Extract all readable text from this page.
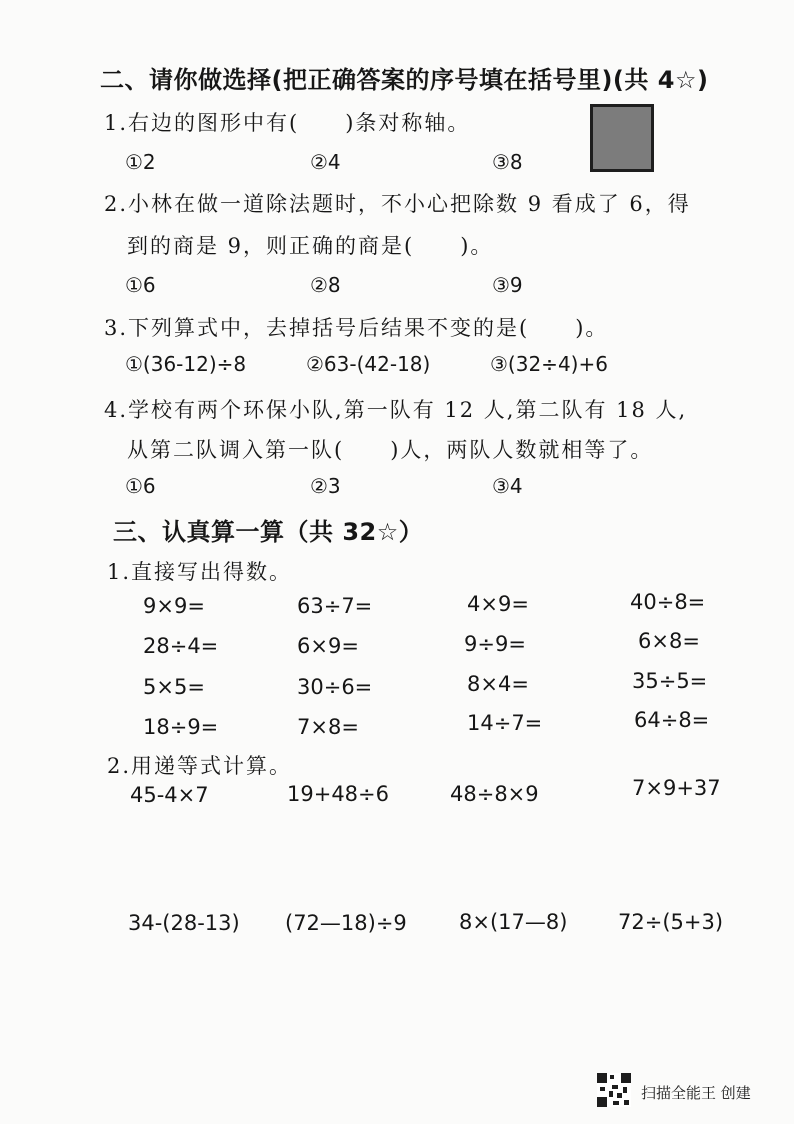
二、请你做选择(把正确答案的序号填在括号里)(共 4☆)
1.右边的图形中有(　　)条对称轴。
①2	②4	③8
2.小林在做一道除法题时，不小心把除数 9 看成了 6，得
到的商是 9，则正确的商是(　　)。
①6	②8	③9
3.下列算式中，去掉括号后结果不变的是(　　)。
①(36-12)÷8	②63-(42-18)	③(32÷4)+6
4.学校有两个环保小队,第一队有 12 人,第二队有 18 人,
从第二队调入第一队(　　)人，两队人数就相等了。
①6	②3	③4
三、认真算一算（共 32☆）
1.直接写出得数。
9×9=	63÷7=	4×9=	40÷8=
28÷4=	6×9=	9÷9=	6×8=
5×5=	30÷6=	8×4=	35÷5=
18÷9=	7×8=	14÷7=	64÷8=
2.用递等式计算。
45-4×7	19+48÷6	48÷8×9	7×9+37
34-(28-13) (72—18)÷9 8×(17—8) 72÷(5+3)
扫描全能王 创建
